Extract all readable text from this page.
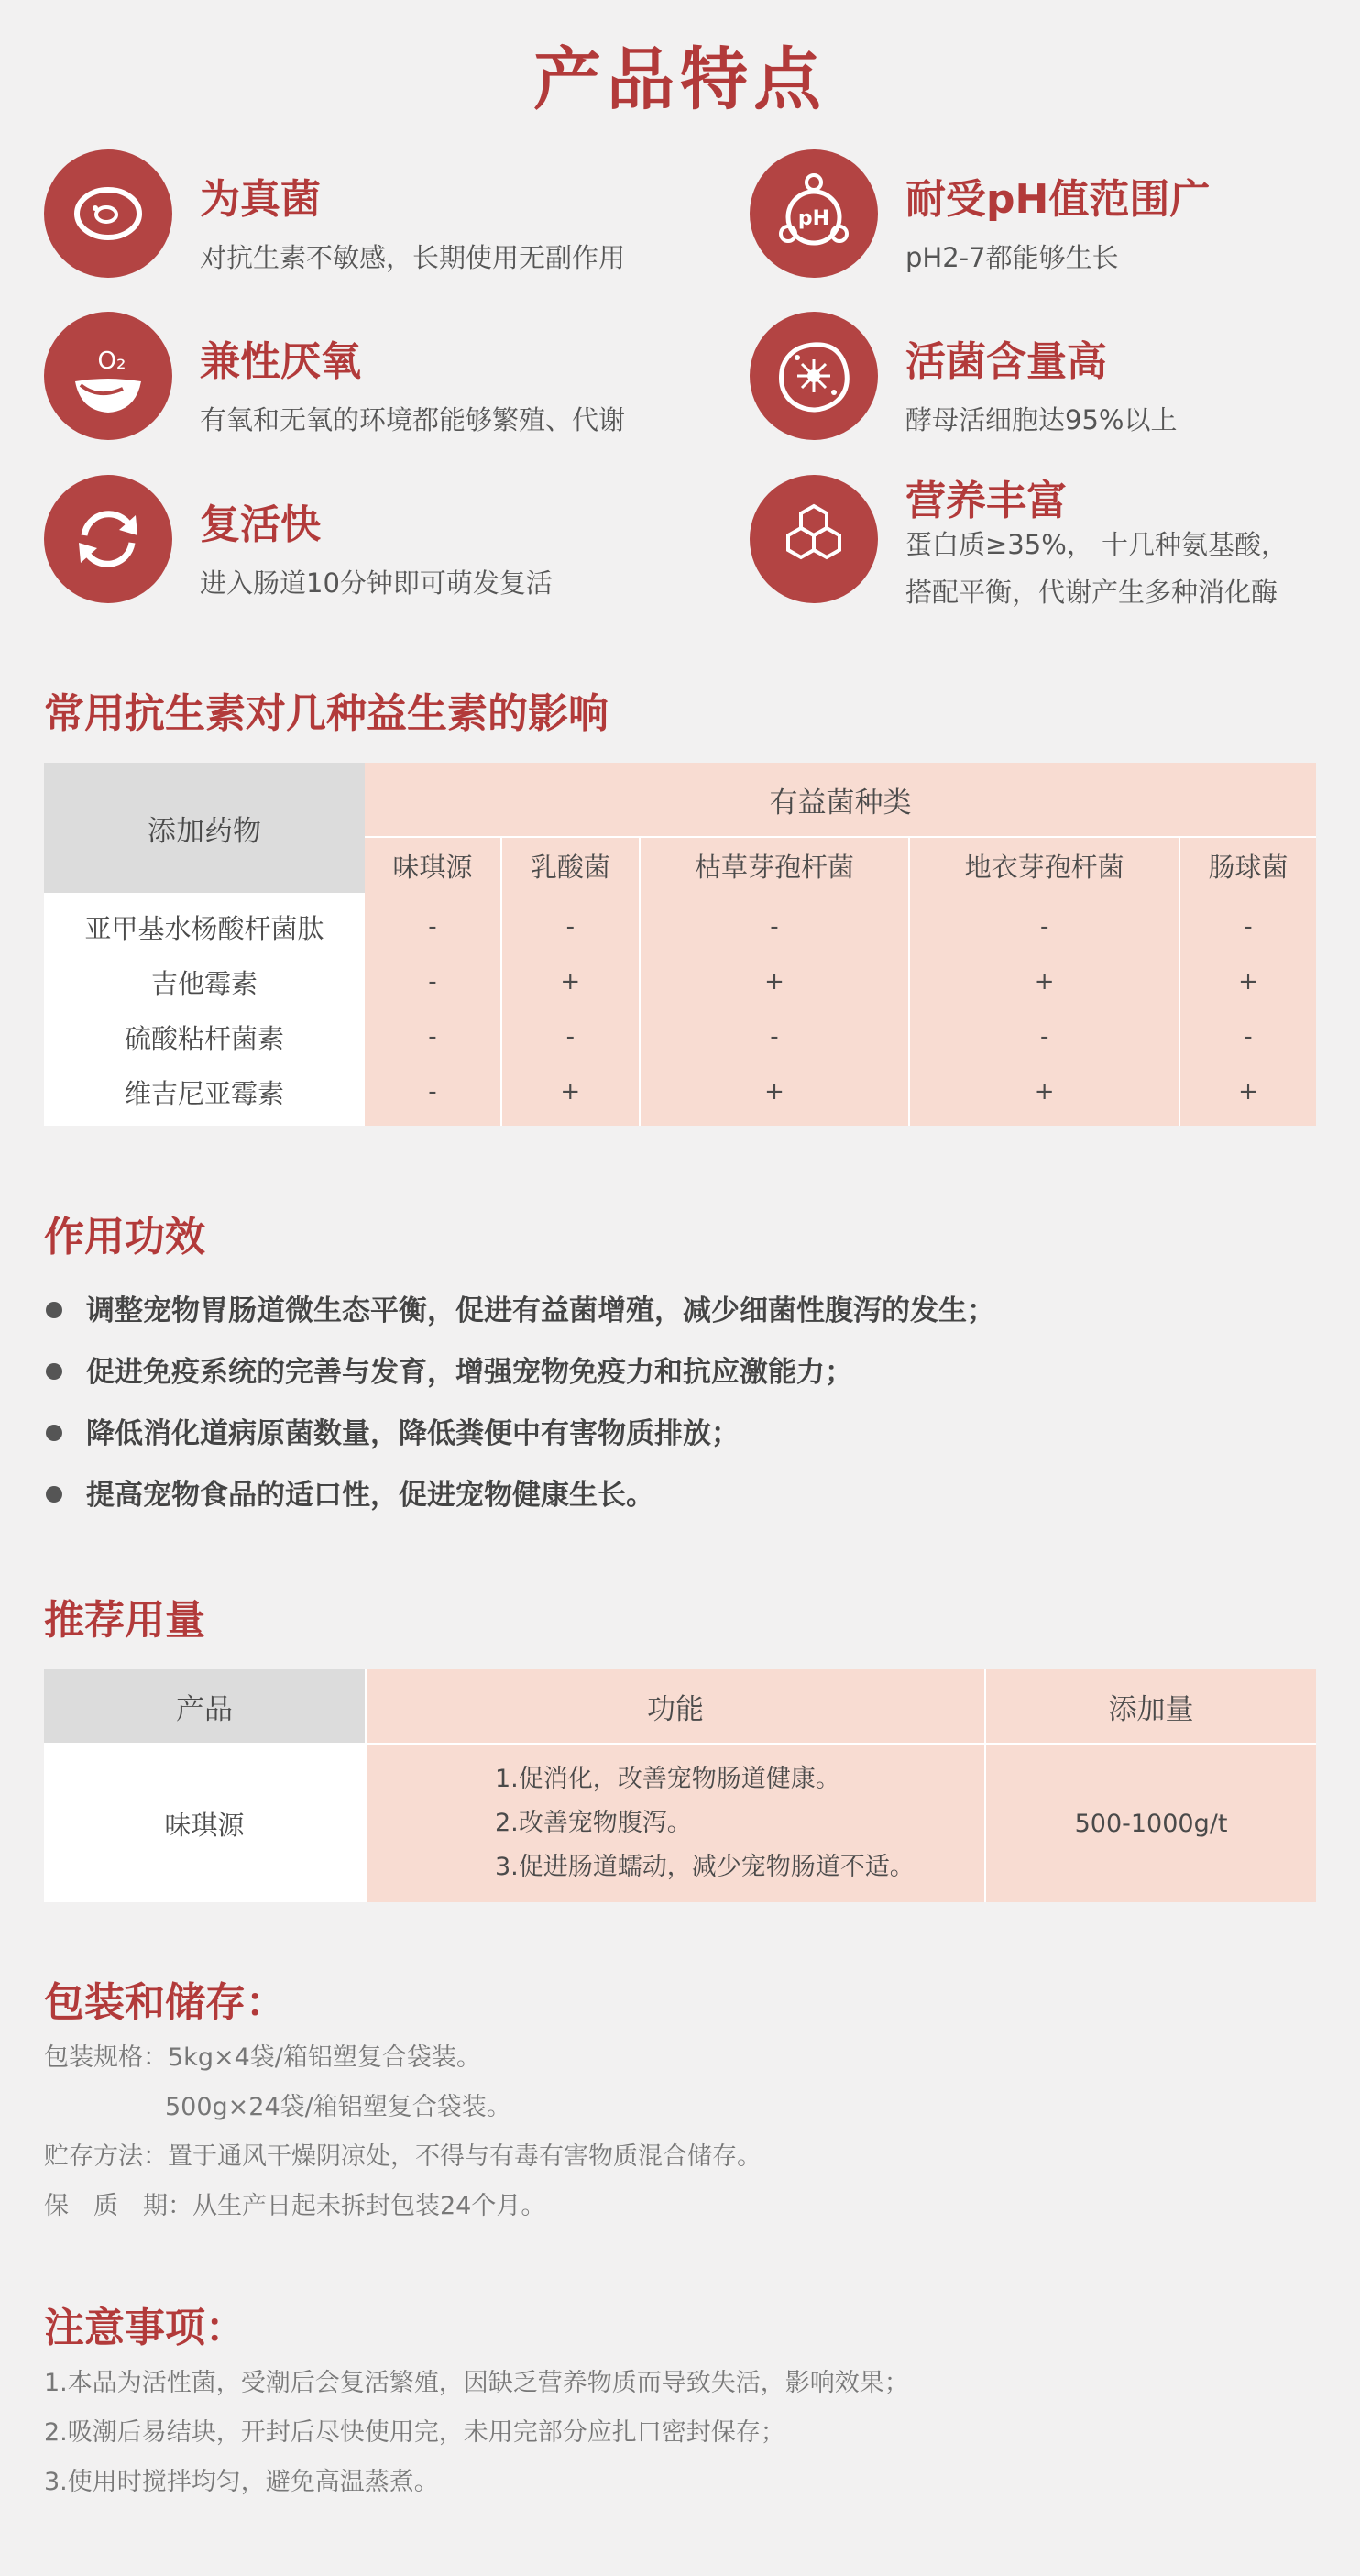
产品特点
为真菌
对抗生素不敏感，长期使用无副作用
pH 耐受pH值范围广
pH2-7都能够生长
O₂ 兼性厌氧
有氧和无氧的环境都能够繁殖、代谢
活菌含量高
酵母活细胞达95%以上
复活快
进入肠道10分钟即可萌发复活
营养丰富
蛋白质≥35%， 十几种氨基酸，
搭配平衡，代谢产生多种消化酶
常用抗生素对几种益生素的影响
添加药物	有益菌种类				
	味琪源	乳酸菌	枯草芽孢杆菌	地衣芽孢杆菌	肠球菌
亚甲基水杨酸杆菌肽	-	-	-	-	-
吉他霉素	-	+	+	+	+
硫酸粘杆菌素	-	-	-	-	-
维吉尼亚霉素	-	+	+	+	+
作用功效
调整宠物胃肠道微生态平衡，促进有益菌增殖，减少细菌性腹泻的发生；
促进免疫系统的完善与发育，增强宠物免疫力和抗应激能力；
降低消化道病原菌数量，降低粪便中有害物质排放；
提高宠物食品的适口性，促进宠物健康生长。
推荐用量
产品	功能	添加量
味琪源	1.促消化，改善宠物肠道健康。
2.改善宠物腹泻。
3.促进肠道蠕动，减少宠物肠道不适。	500-1000g/t
包装和储存：
包装规格：5kg×4袋/箱铝塑复合袋装。
500g×24袋/箱铝塑复合袋装。
贮存方法：置于通风干燥阴凉处，不得与有毒有害物质混合储存。
保　质　期：从生产日起未拆封包装24个月。
注意事项：
1.本品为活性菌，受潮后会复活繁殖，因缺乏营养物质而导致失活，影响效果；
2.吸潮后易结块，开封后尽快使用完，未用完部分应扎口密封保存；
3.使用时搅拌均匀，避免高温蒸煮。
